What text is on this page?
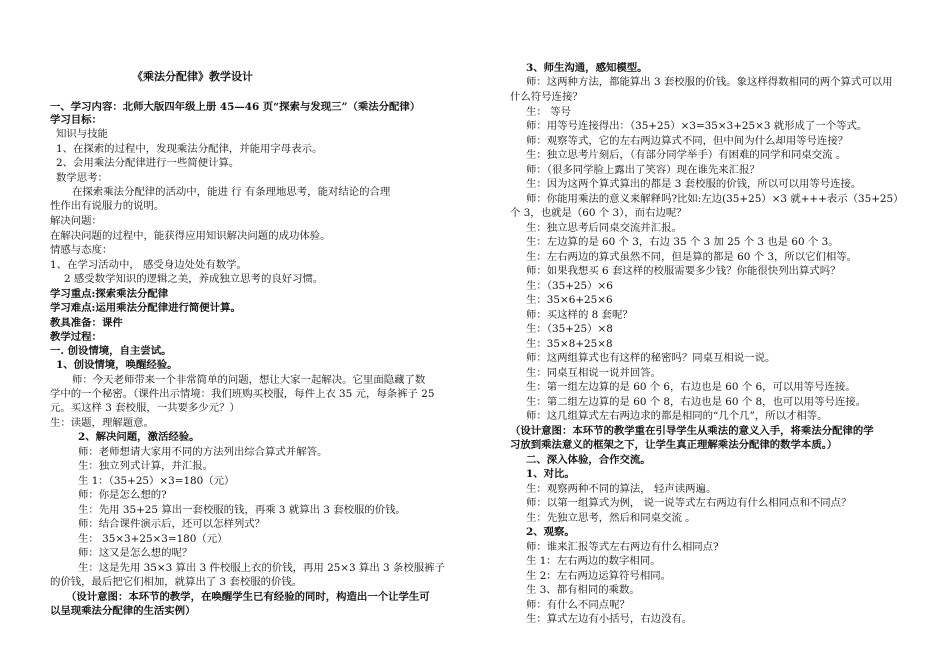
《乘法分配律》教学设计
一、学习内容：北师大版四年级上册 45—46 页“探索与发现三”（乘法分配律）
学习目标：
知识与技能
1、在探索的过程中，发现乘法分配律，并能用字母表示。
2、会用乘法分配律进行一些简便计算。
数学思考：
在探索乘法分配律的活动中，能进 行 有条理地思考，能对结论的合理
性作出有说服力的说明。
解决问题：
在解决问题的过程中，能获得应用知识解决问题的成功体验。
情感与态度：
1、在学习活动中， 感受身边处处有数学。
2 感受数学知识的逻辑之美，养成独立思考的良好习惯。
学习重点:探索乘法分配律
学习难点:运用乘法分配律进行简便计算。
教具准备：课件
教学过程：
一. 创设情境，自主尝试。
1、创设情境，唤醒经验。
师：今天老师带来一个非常简单的问题，想让大家一起解决。它里面隐藏了数
学中的一个秘密。（课件出示情境：我们班购买校服，每件上衣 35 元，每条裤子 25
元。买这样 3 套校服，一共要多少元？）
生：读题，理解题意。
2、解决问题，激活经验。
师：老师想请大家用不同的方法列出综合算式并解答。
生：独立列式计算，并汇报。
生 1：（35+25）×3=180（元）
师：你是怎么想的?
生：先用 35+25 算出一套校服的钱，再乘 3 就算出 3 套校服的价钱。
师：结合课件演示后，还可以怎样列式？
生： 35×3+25×3=180（元）
师：这又是怎么想的呢？
生：这是先用 35×3 算出 3 件校服上衣的价钱，再用 25×3 算出 3 条校服裤子
的价钱，最后把它们相加，就算出了 3 套校服的价钱。
（设计意图：本环节的教学，在唤醒学生已有经验的同时，构造出一个让学生可
以呈现乘法分配律的生活实例）
3、师生沟通，感知模型。
师：这两种方法，都能算出 3 套校服的价钱。象这样得数相同的两个算式可以用
什么符号连接？
生： 等号
师：用等号连接得出：（35+25）×3=35×3+25×3 就形成了一个等式。
师：观察等式，它的左右两边算式不同，但中间为什么却用等号连接？
生：独立思考片刻后，（有部分同学举手）有困难的同学和同桌交流 。
师：（很多同学脸上露出了笑容）现在谁先来汇报？
生：因为这两个算式算出的都是 3 套校服的价钱，所以可以用等号连接。
师：你能用乘法的意义来解释吗?比如:左边(35+25）×3 就+++表示（35+25）
个 3，也就是（60 个 3），而右边呢？
生：独立思考后同桌交流并汇报。
生：左边算的是 60 个 3，右边 35 个 3 加 25 个 3 也是 60 个 3。
生：左右两边的算式虽然不同，但是算的都是 60 个 3，所以它们相等。
师：如果我想买 6 套这样的校服需要多少钱？你能很快列出算式吗？
生：（35+25）×6
生：35×6+25×6
师：买这样的 8 套呢？
生：（35+25）×8
生：35×8+25×8
师：这两组算式也有这样的秘密吗？同桌互相说一说。
生：同桌互相说一说并回答。
生：第一组左边算的是 60 个 6，右边也是 60 个 6，可以用等号连接。
生：第二组左边算的是 60 个 8，右边也是 60 个 8，也可以用等号连接。
师：这几组算式左右两边求的都是相同的“几个几”，所以才相等。
（设计意图：本环节的教学重在引导学生从乘法的意义入手，将乘法分配律的学
习放到乘法意义的框架之下，让学生真正理解乘法分配律的数学本质。）
二、深入体验，合作交流。
1、对比。
生：观察两种不同的算法， 轻声读两遍。
师：以第一组算式为例， 说一说等式左右两边有什么相同点和不同点？
生：先独立思考，然后和同桌交流 。
2、观察。
师：谁来汇报等式左右两边有什么相同点?
生 1：左右两边的数字相同。
生 2：左右两边运算符号相同。
生 3、都有相同的乘数。
师：有什么不同点呢？
生：算式左边有小括号，右边没有。
